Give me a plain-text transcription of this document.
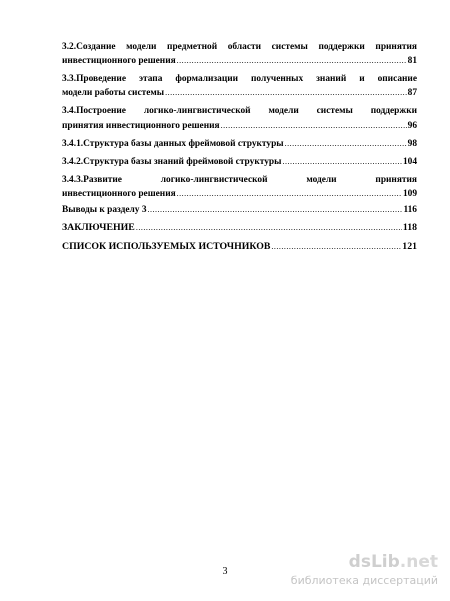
3.2.Создание модели предметной области системы поддержки принятия
инвестиционного решения .....	81
3.3.Проведение этапа формализации полученных знаний и описание
модели работы системы .....	87
3.4.Построение логико-лингвистической модели системы поддержки
принятия инвестиционного решения .....	96
3.4.1.Структура базы данных фреймовой структуры .....	98
3.4.2.Структура базы знаний фреймовой структуры .....	104
3.4.3.Развитие логико-лингвистической модели принятия
инвестиционного решения .....	109
Выводы к разделу 3 .....	116
ЗАКЛЮЧЕНИЕ .....	118
СПИСОК ИСПОЛЬЗУЕМЫХ ИСТОЧНИКОВ .....	121
3	dsLib.net
библиотека диссертаций
